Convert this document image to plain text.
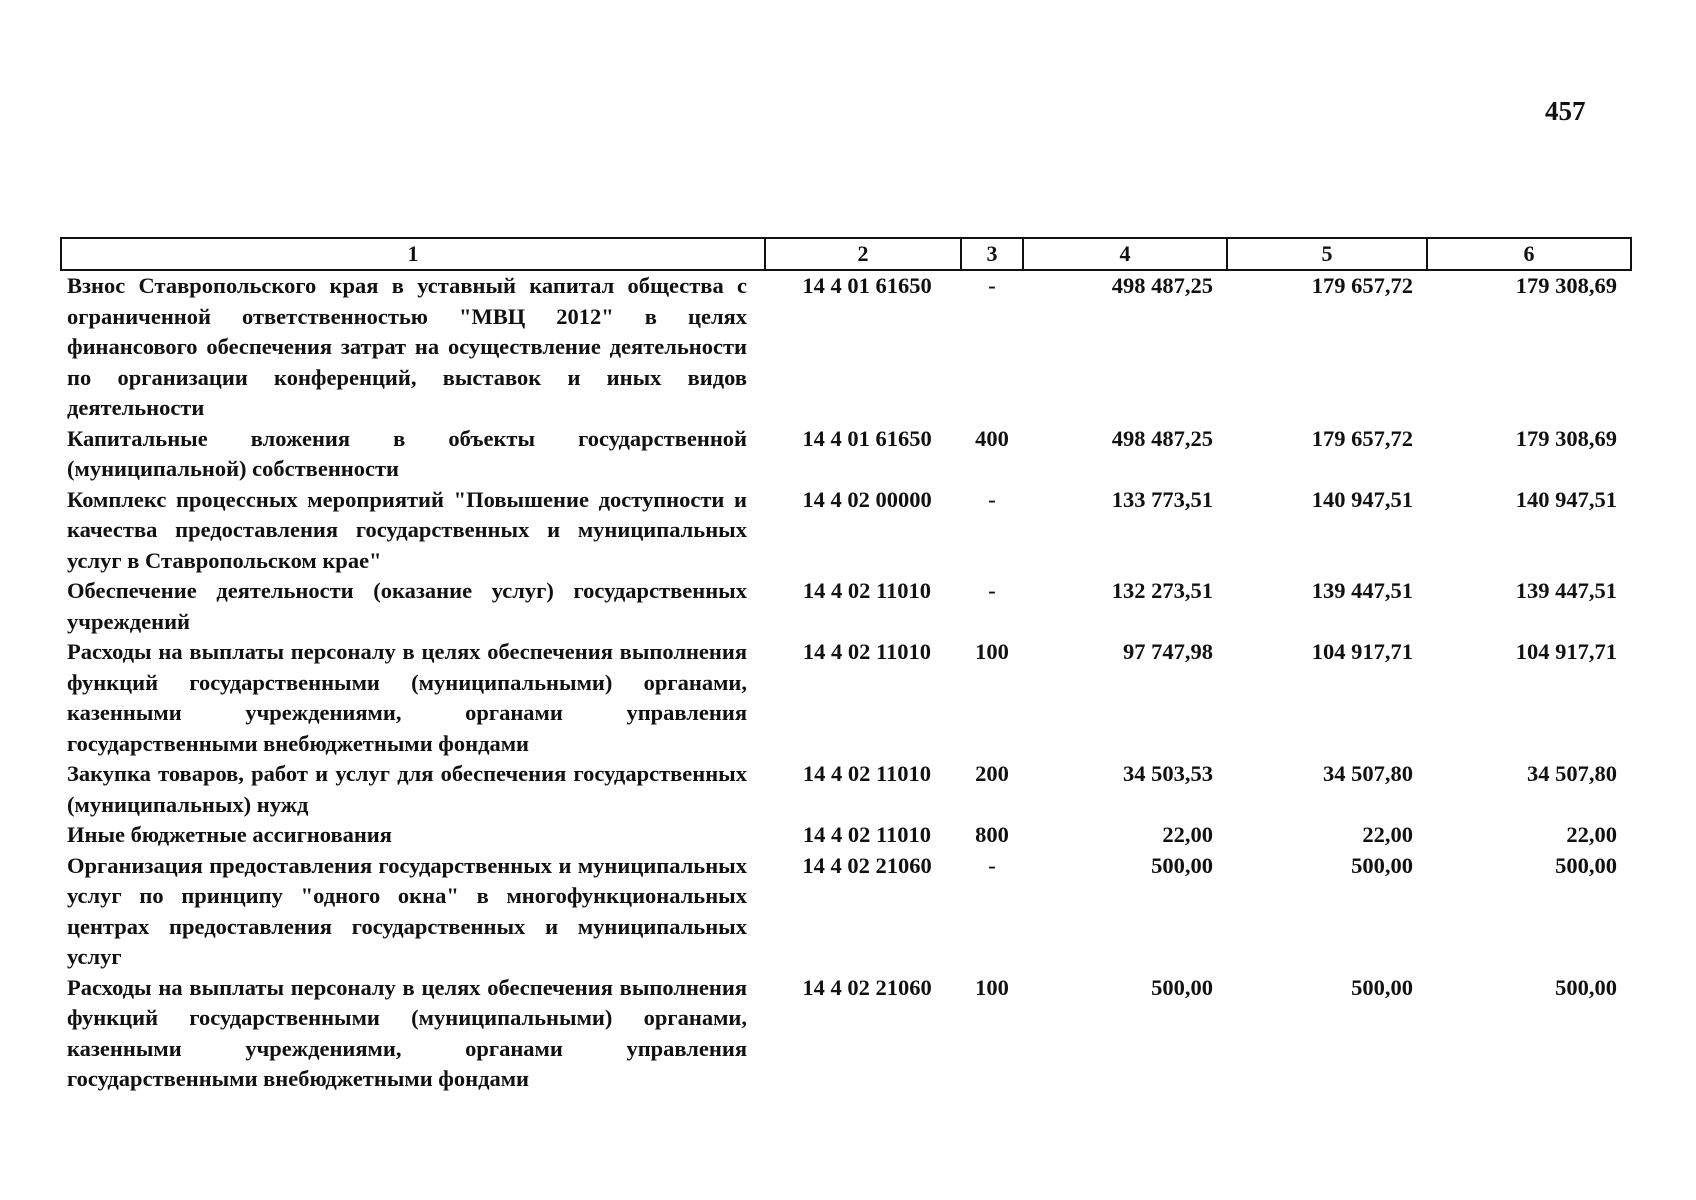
457
1	2	3	4	5	6
Взнос Ставропольского края в уставный капитал общества с ограниченной ответственностью "МВЦ 2012" в целях финансового обеспечения затрат на осуществление деятельности по организации конференций, выставок и иных видов деятельности	14 4 01 61650	-	498 487,25	179 657,72	179 308,69
Капитальные вложения в объекты государственной (муниципальной) собственности	14 4 01 61650	400	498 487,25	179 657,72	179 308,69
Комплекс процессных мероприятий "Повышение доступности и качества предоставления государственных и муниципальных услуг в Ставропольском крае"	14 4 02 00000	-	133 773,51	140 947,51	140 947,51
Обеспечение деятельности (оказание услуг) государственных учреждений	14 4 02 11010	-	132 273,51	139 447,51	139 447,51
Расходы на выплаты персоналу в целях обеспечения выполнения функций государственными (муниципальными) органами, казенными учреждениями, органами управления государственными внебюджетными фондами	14 4 02 11010	100	97 747,98	104 917,71	104 917,71
Закупка товаров, работ и услуг для обеспечения государственных (муниципальных) нужд	14 4 02 11010	200	34 503,53	34 507,80	34 507,80
Иные бюджетные ассигнования	14 4 02 11010	800	22,00	22,00	22,00
Организация предоставления государственных и муниципальных услуг по принципу "одного окна" в многофункциональных центрах предоставления государственных и муниципальных услуг	14 4 02 21060	-	500,00	500,00	500,00
Расходы на выплаты персоналу в целях обеспечения выполнения функций государственными (муниципальными) органами, казенными учреждениями, органами управления государственными внебюджетными фондами	14 4 02 21060	100	500,00	500,00	500,00
